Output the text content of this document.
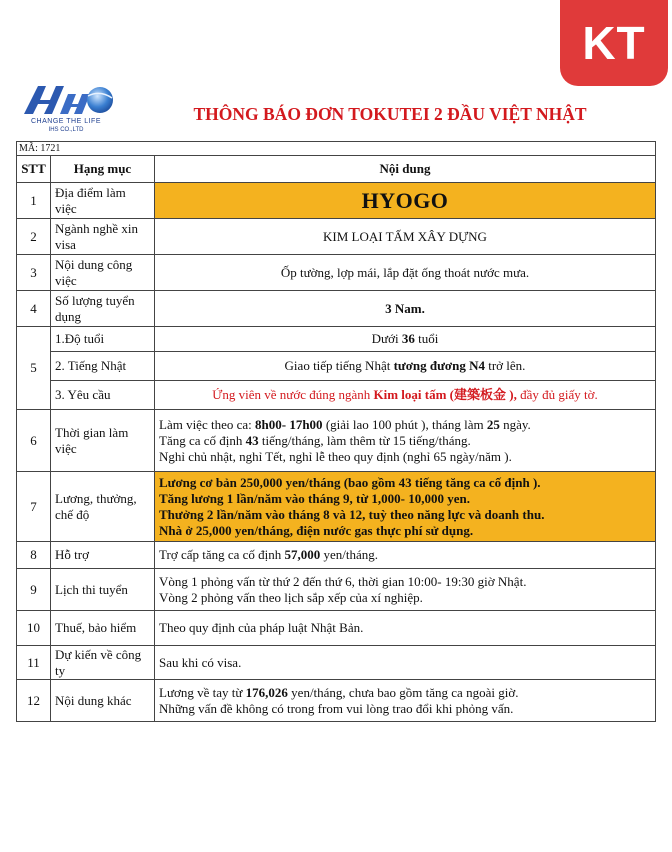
KT
CHANGE THE LIFE
IHS CO.,LTD
THÔNG BÁO ĐƠN TOKUTEI 2 ĐẦU VIỆT NHẬT
MÃ: 1721
STT	Hạng mục	Nội dung
1	Địa điểm làm việc	HYOGO
2	Ngành nghề xin visa	KIM LOẠI TẤM XÂY DỰNG
3	Nội dung công việc	Ốp tường, lợp mái, lắp đặt ống thoát nước mưa.
4	Số lượng tuyển dụng	3 Nam.
5	1.Độ tuổi	Dưới 36 tuổi
	2. Tiếng Nhật	Giao tiếp tiếng Nhật tương đương N4 trở lên.
	3. Yêu cầu	Ứng viên về nước đúng ngành Kim loại tấm (建築板金 ), đầy đủ giấy tờ.
6	Thời gian làm việc	Làm việc theo ca: 8h00- 17h00 (giải lao 100 phút ), tháng làm 25 ngày.
Tăng ca cố định 43 tiếng/tháng, làm thêm từ 15 tiếng/tháng.
Nghỉ chủ nhật, nghỉ Tết, nghỉ lễ theo quy định (nghỉ 65 ngày/năm ).

7	Lương, thưởng, chế độ	Lương cơ bản 250,000 yen/tháng (bao gồm 43 tiếng tăng ca cố định ).
Tăng lương 1 lần/năm vào tháng 9, từ 1,000- 10,000 yen.
Thưởng 2 lần/năm vào tháng 8 và 12, tuỳ theo năng lực và doanh thu.
Nhà ở 25,000 yen/tháng, điện nước gas thực phí sử dụng.

8	Hỗ trợ	Trợ cấp tăng ca cố định 57,000 yen/tháng.
9	Lịch thi tuyển	Vòng 1 phỏng vấn từ thứ 2 đến thứ 6, thời gian 10:00- 19:30 giờ Nhật.
Vòng 2 phỏng vấn theo lịch sắp xếp của xí nghiệp.

10	Thuế, bảo hiểm	Theo quy định của pháp luật Nhật Bản.
11	Dự kiến về công ty	Sau khi có visa.
12	Nội dung khác	Lương về tay từ 176,026 yen/tháng, chưa bao gồm tăng ca ngoài giờ.
Những vấn đề không có trong from vui lòng trao đổi khi phỏng vấn.
